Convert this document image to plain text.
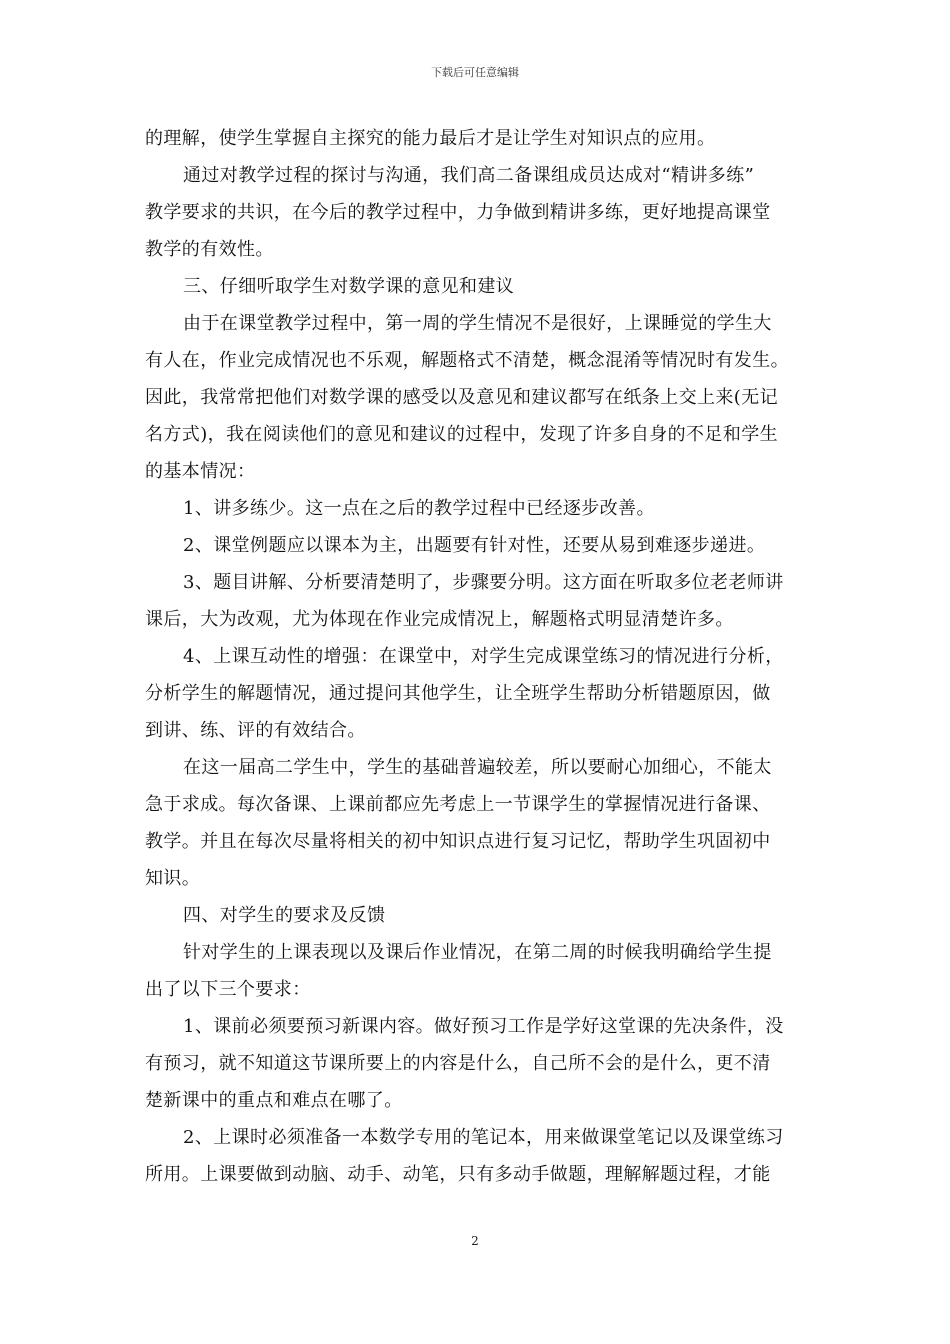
下载后可任意编辑
的理解，使学生掌握自主探究的能力最后才是让学生对知识点的应用。
通过对教学过程的探讨与沟通，我们高二备课组成员达成对“精讲多练”
教学要求的共识，在今后的教学过程中，力争做到精讲多练，更好地提高课堂
教学的有效性。
三、仔细听取学生对数学课的意见和建议
由于在课堂教学过程中，第一周的学生情况不是很好，上课睡觉的学生大
有人在，作业完成情况也不乐观，解题格式不清楚，概念混淆等情况时有发生。
因此，我常常把他们对数学课的感受以及意见和建议都写在纸条上交上来(无记
名方式)，我在阅读他们的意见和建议的过程中，发现了许多自身的不足和学生
的基本情况：
1、讲多练少。这一点在之后的教学过程中已经逐步改善。
2、课堂例题应以课本为主，出题要有针对性，还要从易到难逐步递进。
3、题目讲解、分析要清楚明了，步骤要分明。这方面在听取多位老老师讲
课后，大为改观，尤为体现在作业完成情况上，解题格式明显清楚许多。
4、上课互动性的增强：在课堂中，对学生完成课堂练习的情况进行分析，
分析学生的解题情况，通过提问其他学生，让全班学生帮助分析错题原因，做
到讲、练、评的有效结合。
在这一届高二学生中，学生的基础普遍较差，所以要耐心加细心，不能太
急于求成。每次备课、上课前都应先考虑上一节课学生的掌握情况进行备课、
教学。并且在每次尽量将相关的初中知识点进行复习记忆，帮助学生巩固初中
知识。
四、对学生的要求及反馈
针对学生的上课表现以及课后作业情况，在第二周的时候我明确给学生提
出了以下三个要求：
1、课前必须要预习新课内容。做好预习工作是学好这堂课的先决条件，没
有预习，就不知道这节课所要上的内容是什么，自己所不会的是什么，更不清
楚新课中的重点和难点在哪了。
2、上课时必须准备一本数学专用的笔记本，用来做课堂笔记以及课堂练习
所用。上课要做到动脑、动手、动笔，只有多动手做题，理解解题过程，才能
2
